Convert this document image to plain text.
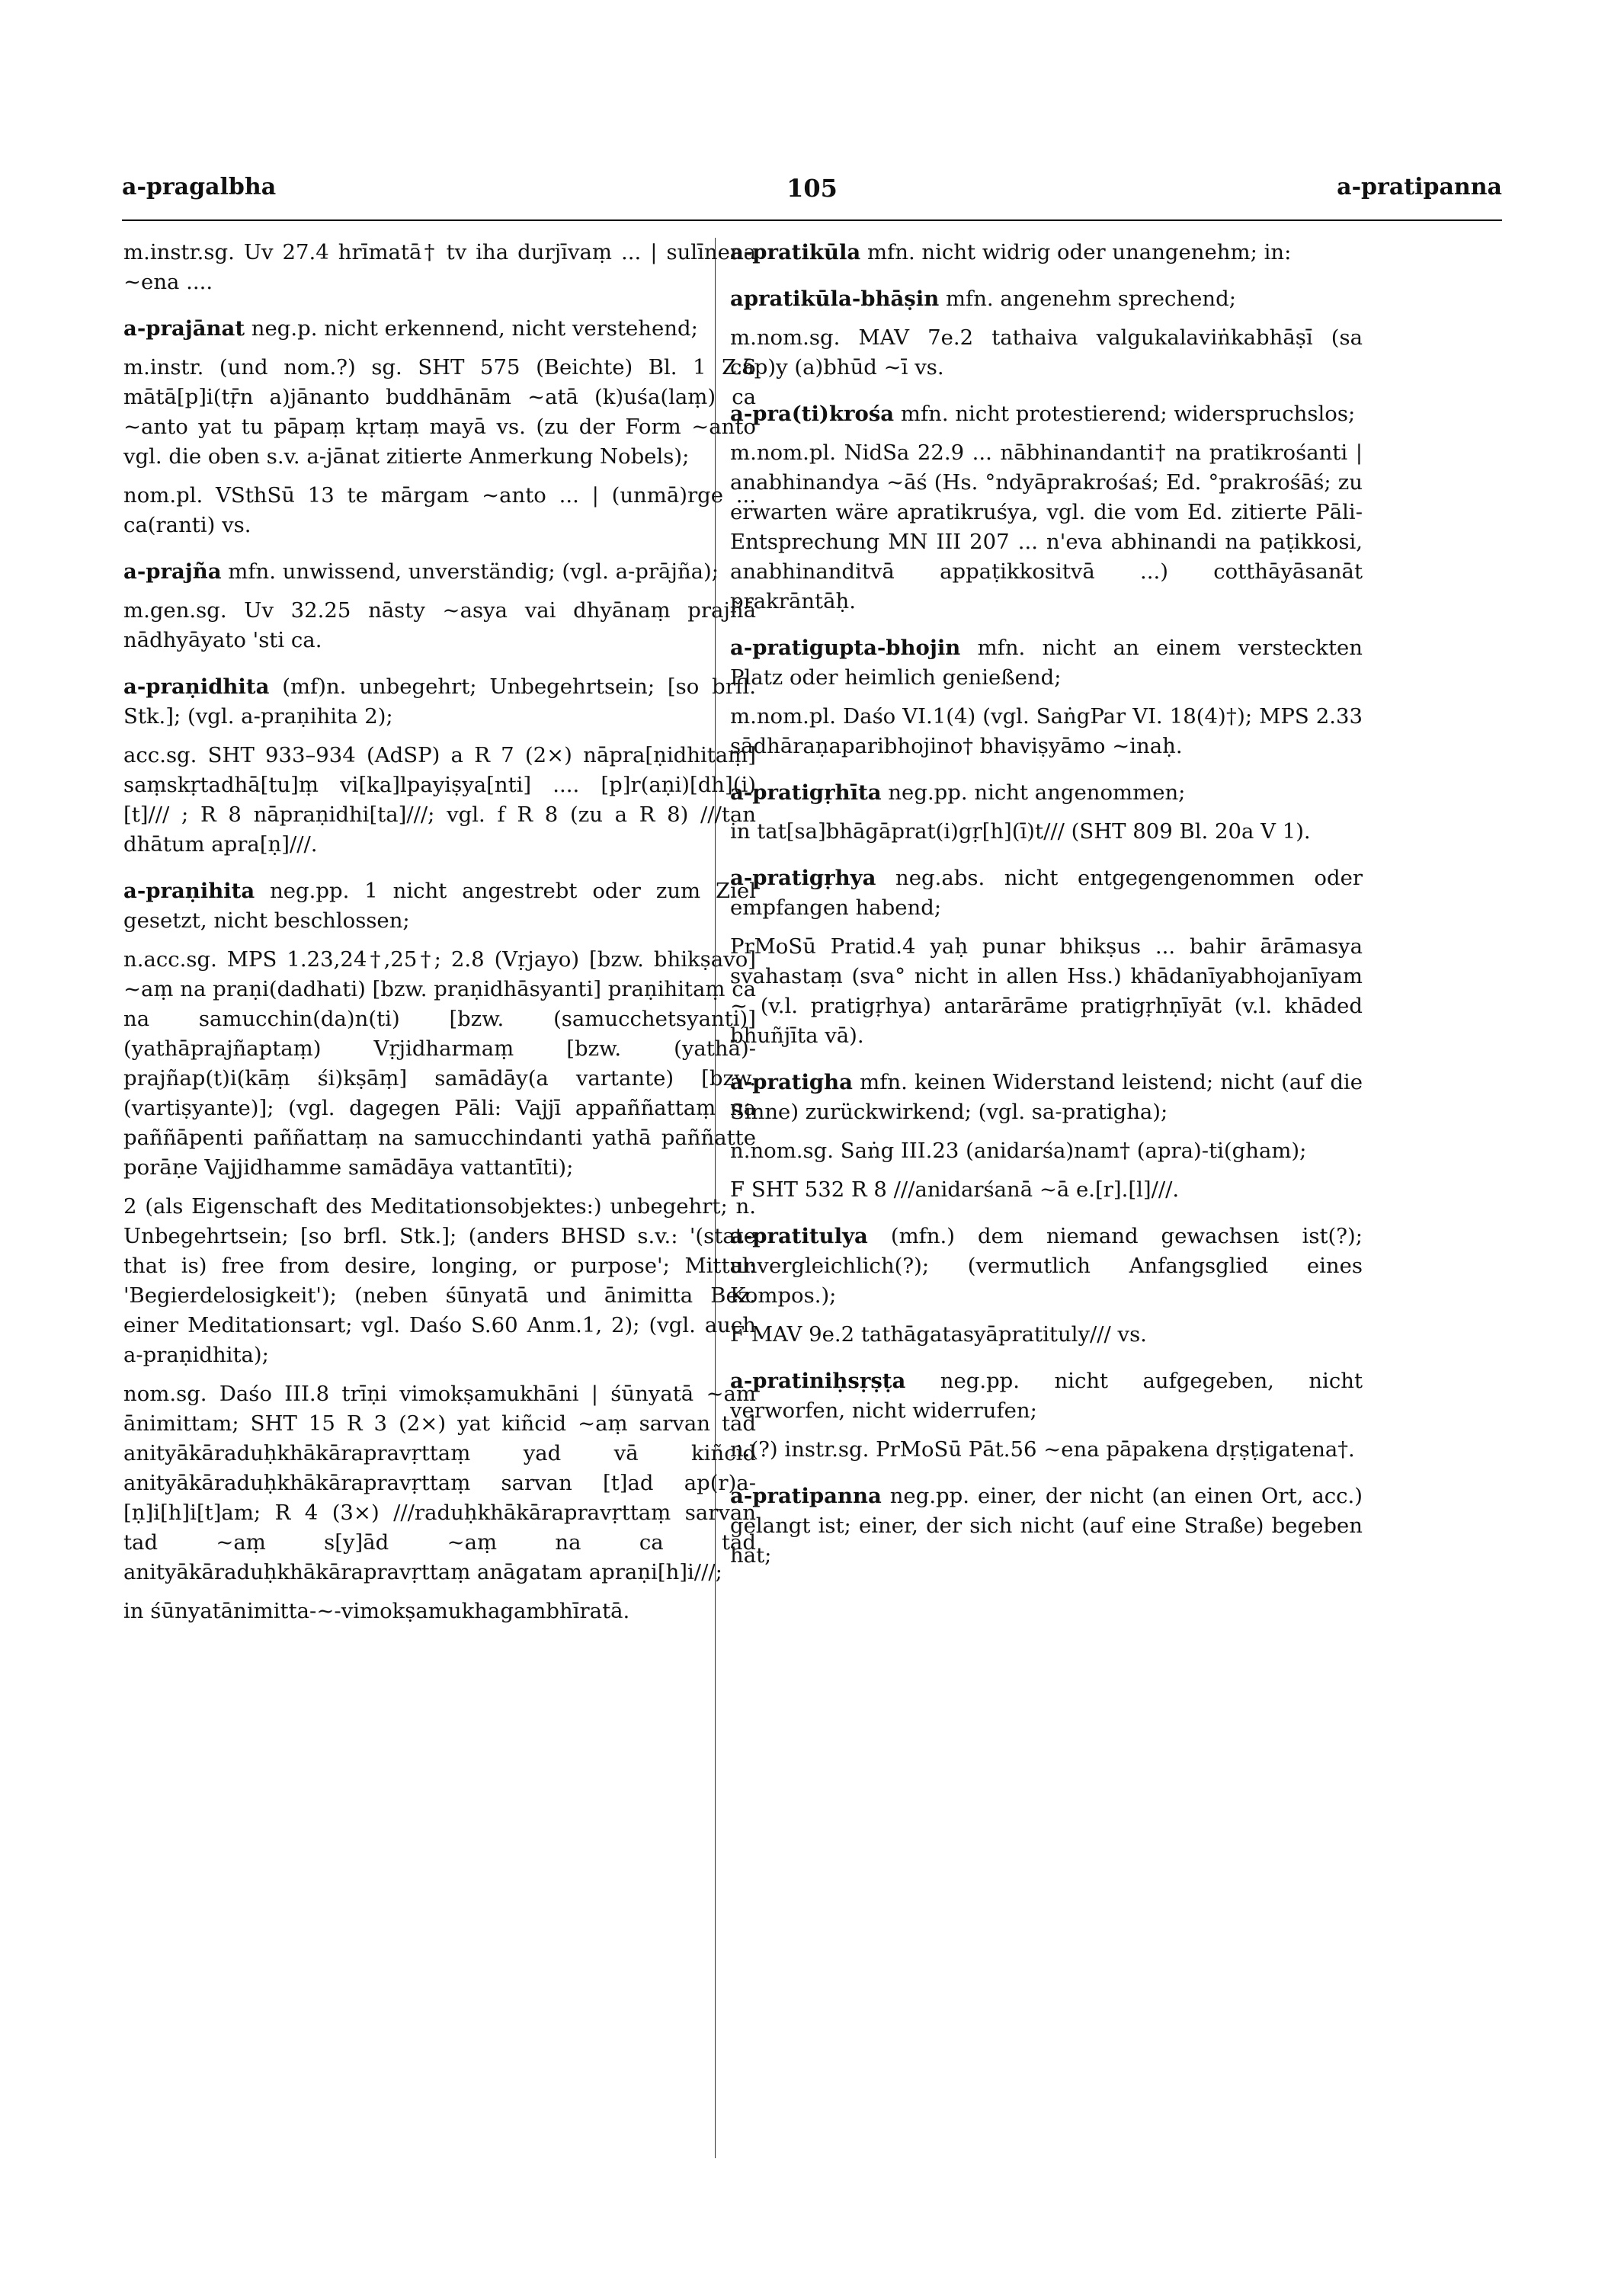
a-pragalbha	105	a-pratipanna

m.instr.sg. Uv 27.4 hrīmatā† tv iha durjīvaṃ ... | sulīnena ~ena ....

a-prajānat neg.p. nicht erkennend, nicht verstehend;

m.instr. (und nom.?) sg. SHT 575 (Beichte) Bl. 1 Z.6 mātā[p]i(tṝn a)jānanto buddhānām ~atā (k)uśa(laṃ) ca ~anto yat tu pāpaṃ kṛtaṃ mayā vs. (zu der Form ~anto vgl. die oben s.v. a-jānat zitierte Anmerkung Nobels);

nom.pl. VSthSū 13 te mārgam ~anto ... | (unmā)rge ... ca(ranti) vs.

a-prajña mfn. unwissend, unverständig; (vgl. a-prājña);

m.gen.sg. Uv 32.25 nāsty ~asya vai dhyānaṃ prajñā nādhyāyato 'sti ca.

a-praṇidhita (mf)n. unbegehrt; Unbegehrtsein; [so brfl. Stk.]; (vgl. a-praṇihita 2);

acc.sg. SHT 933–934 (AdSP) a R 7 (2×) nāpra[ṇidhitaṃ] saṃskṛtadhā[tu]ṃ vi[ka]lpayiṣya[nti] .... [p]r(aṇi)[dh](i)[t]/// ; R 8 nāpraṇidhi[ta]///; vgl. f R 8 (zu a R 8) ///tan dhātum apra[ṇ]///.

a-praṇihita neg.pp. 1 nicht angestrebt oder zum Ziel gesetzt, nicht beschlossen;

n.acc.sg. MPS 1.23,24†,25†; 2.8 (Vṛjayo) [bzw. bhikṣavo] ~aṃ na praṇi(dadhati) [bzw. praṇidhāsyanti] praṇihitaṃ ca na samucchin(da)n(ti) [bzw. (samucchetsyanti)] (yathāprajñaptaṃ) Vṛjidharmaṃ [bzw. (yathā)-prajñap(t)i(kāṃ śi)kṣāṃ] samādāy(a vartante) [bzw. (vartiṣyante)]; (vgl. dagegen Pāli: Vajjī appaññattaṃ na paññāpenti paññattaṃ na samucchindanti yathā paññatte porāṇe Vajjidhamme samādāya vattantīti);

2 (als Eigenschaft des Meditationsobjektes:) unbegehrt; n. Unbegehrtsein; [so brfl. Stk.]; (anders BHSD s.v.: '(state that is) free from desire, longing, or purpose'; Mittal: 'Begierdelosigkeit'); (neben śūnyatā und ānimitta Bez. einer Meditationsart; vgl. Daśo S.60 Anm.1, 2); (vgl. auch a-praṇidhita);

nom.sg. Daśo III.8 trīṇi vimokṣamukhāni | śūnyatā ~am ānimittam; SHT 15 R 3 (2×) yat kiñcid ~aṃ sarvan tad anityākāraduḥkhākārapravṛttaṃ yad vā kiñcid anityākāraduḥkhākārapravṛttaṃ sarvan [t]ad ap(r)a-[ṇ]i[h]i[t]am; R 4 (3×) ///raduḥkhākārapravṛttaṃ sarvan tad ~aṃ s[y]ād ~aṃ na ca tad anityākāraduḥkhākārapravṛttaṃ anāgatam apraṇi[h]i///;

in śūnyatānimitta-~-vimokṣamukhagambhīratā.

a-pratikūla mfn. nicht widrig oder unangenehm; in:

apratikūla-bhāṣin mfn. angenehm sprechend;

m.nom.sg. MAV 7e.2 tathaiva valgukalaviṅkabhāṣī (sa cāp)y (a)bhūd ~ī vs.

a-pra(ti)krośa mfn. nicht protestierend; widerspruchslos;

m.nom.pl. NidSa 22.9 ... nābhinandanti† na pratikrośanti | anabhinandya ~āś (Hs. °ndyāprakrośaś; Ed. °prakrośāś; zu erwarten wäre apratikruśya, vgl. die vom Ed. zitierte Pāli-Entsprechung MN III 207 ... n'eva abhinandi na paṭikkosi, anabhinanditvā appaṭikkositvā ...) cotthāyāsanāt prakrāntāḥ.

a-pratigupta-bhojin mfn. nicht an einem versteckten Platz oder heimlich genießend;

m.nom.pl. Daśo VI.1(4) (vgl. SaṅgPar VI. 18(4)†); MPS 2.33 sādhāraṇaparibhojino† bhaviṣyāmo ~inaḥ.

a-pratigṛhīta neg.pp. nicht angenommen;

in tat[sa]bhāgāprat(i)gṛ[h](ī)t/// (SHT 809 Bl. 20a V 1).

a-pratigṛhya neg.abs. nicht entgegengenommen oder empfangen habend;

PrMoSū Pratid.4 yaḥ punar bhikṣus ... bahir ārāmasya svahastaṃ (sva° nicht in allen Hss.) khādanīyabhojanīyam ~ (v.l. pratigṛhya) antarārāme pratigṛhṇīyāt (v.l. khāded bhuñjīta vā).

a-pratigha mfn. keinen Widerstand leistend; nicht (auf die Sinne) zurückwirkend; (vgl. sa-pratigha);

n.nom.sg. Saṅg III.23 (anidarśa)nam† (apra)-ti(gham);

F SHT 532 R 8 ///anidarśanā ~ā e.[r].[l]///.

a-pratitulya (mfn.) dem niemand gewachsen ist(?); unvergleichlich(?); (vermutlich Anfangsglied eines Kompos.);

F MAV 9e.2 tathāgatasyāpratituly/// vs.

a-pratiniḥsṛṣṭa neg.pp. nicht aufgegeben, nicht verworfen, nicht widerrufen;

n.(?) instr.sg. PrMoSū Pāt.56 ~ena pāpakena dṛṣṭigatena†.

a-pratipanna neg.pp. einer, der nicht (an einen Ort, acc.) gelangt ist; einer, der sich nicht (auf eine Straße) begeben hat;
